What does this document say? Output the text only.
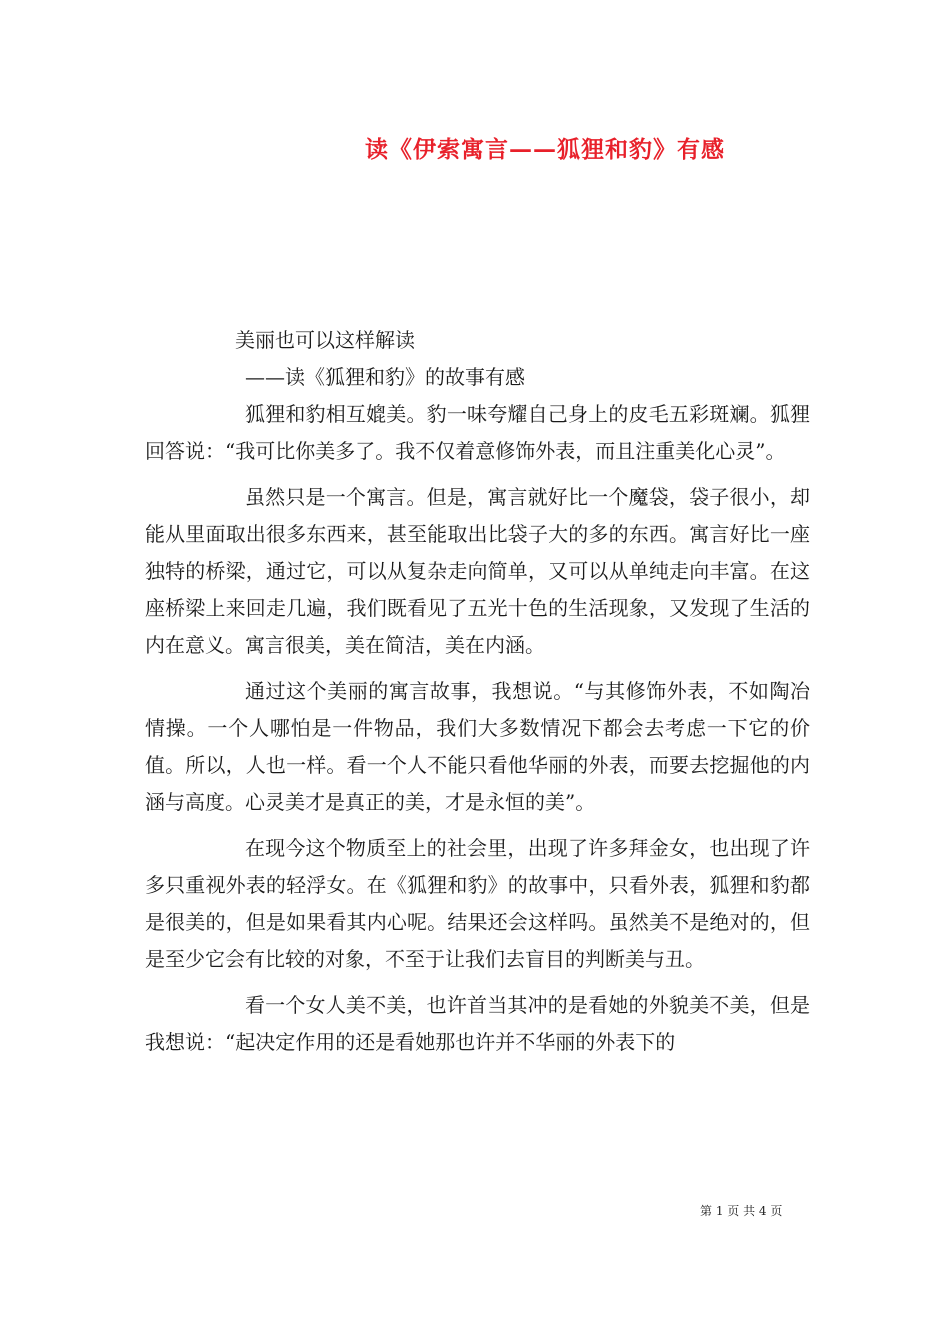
读《伊索寓言——狐狸和豹》有感

美丽也可以这样解读

——读《狐狸和豹》的故事有感

狐狸和豹相互媲美。豹一味夸耀自己身上的皮毛五彩斑斓。狐狸回答说：“我可比你美多了。我不仅着意修饰外表，而且注重美化心灵”。

虽然只是一个寓言。但是，寓言就好比一个魔袋，袋子很小，却能从里面取出很多东西来，甚至能取出比袋子大的多的东西。寓言好比一座独特的桥梁，通过它，可以从复杂走向简单，又可以从单纯走向丰富。在这座桥梁上来回走几遍，我们既看见了五光十色的生活现象，又发现了生活的内在意义。寓言很美，美在简洁，美在内涵。

通过这个美丽的寓言故事，我想说。“与其修饰外表，不如陶冶情操。一个人哪怕是一件物品，我们大多数情况下都会去考虑一下它的价值。所以，人也一样。看一个人不能只看他华丽的外表，而要去挖掘他的内涵与高度。心灵美才是真正的美，才是永恒的美”。

在现今这个物质至上的社会里，出现了许多拜金女，也出现了许多只重视外表的轻浮女。在《狐狸和豹》的故事中，只看外表，狐狸和豹都是很美的，但是如果看其内心呢。结果还会这样吗。虽然美不是绝对的，但是至少它会有比较的对象，不至于让我们去盲目的判断美与丑。

看一个女人美不美，也许首当其冲的是看她的外貌美不美，但是我想说：“起决定作用的还是看她那也许并不华丽的外表下的

第 1 页 共 4 页
